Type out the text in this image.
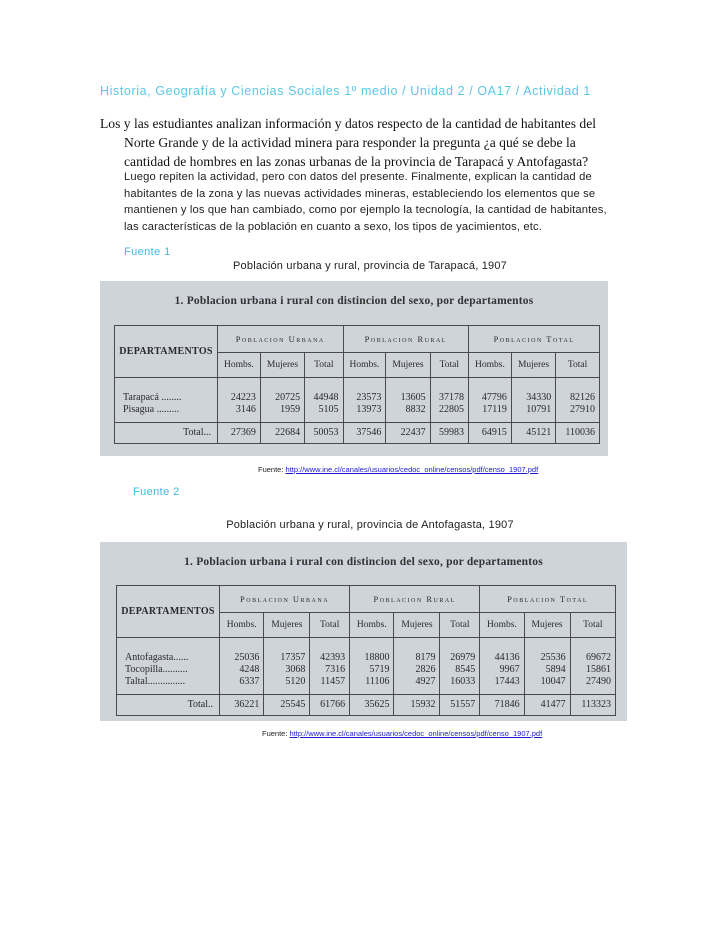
Historia, Geografía y Ciencias Sociales 1º medio / Unidad 2 / OA17 / Actividad 1

Los y las estudiantes analizan información y datos respecto de la cantidad de habitantes del Norte Grande y de la actividad minera para responder la pregunta ¿a qué se debe la cantidad de hombres en las zonas urbanas de la provincia de Tarapacá y Antofagasta?

Luego repiten la actividad, pero con datos del presente. Finalmente, explican la cantidad de habitantes de la zona y las nuevas actividades mineras, estableciendo los elementos que se mantienen y los que han cambiado, como por ejemplo la tecnología, la cantidad de habitantes, las características de la población en cuanto a sexo, los tipos de yacimientos, etc.
Fuente 1
Población urbana y rural, provincia de Tarapacá, 1907
1. Poblacion urbana i rural con distincion del sexo, por departamentos
DEPARTAMENTOS	Poblacion Urbana			Poblacion Rural			Poblacion Total		
	Hombs.	Mujeres	Total	Hombs.	Mujeres	Total	Hombs.	Mujeres	Total
Tarapacá ........	24223	20725	44948	23573	13605	37178	47796	34330	82126
Pisagua .........	3146	1959	5105	13973	8832	22805	17119	10791	27910
Total...	27369	22684	50053	37546	22437	59983	64915	45121	110036
Fuente: http://www.ine.cl/canales/usuarios/cedoc_online/censos/pdf/censo_1907.pdf
Fuente 2
Población urbana y rural, provincia de Antofagasta, 1907
1. Poblacion urbana i rural con distincion del sexo, por departamentos
DEPARTAMENTOS	Poblacion Urbana			Poblacion Rural			Poblacion Total		
	Hombs.	Mujeres	Total	Hombs.	Mujeres	Total	Hombs.	Mujeres	Total
Antofagasta......	25036	17357	42393	18800	8179	26979	44136	25536	69672
Tocopilla..........	4248	3068	7316	5719	2826	8545	9967	5894	15861
Taltal...............	6337	5120	11457	11106	4927	16033	17443	10047	27490
Total..	36221	25545	61766	35625	15932	51557	71846	41477	113323
Fuente: http://www.ine.cl/canales/usuarios/cedoc_online/censos/pdf/censo_1907.pdf
